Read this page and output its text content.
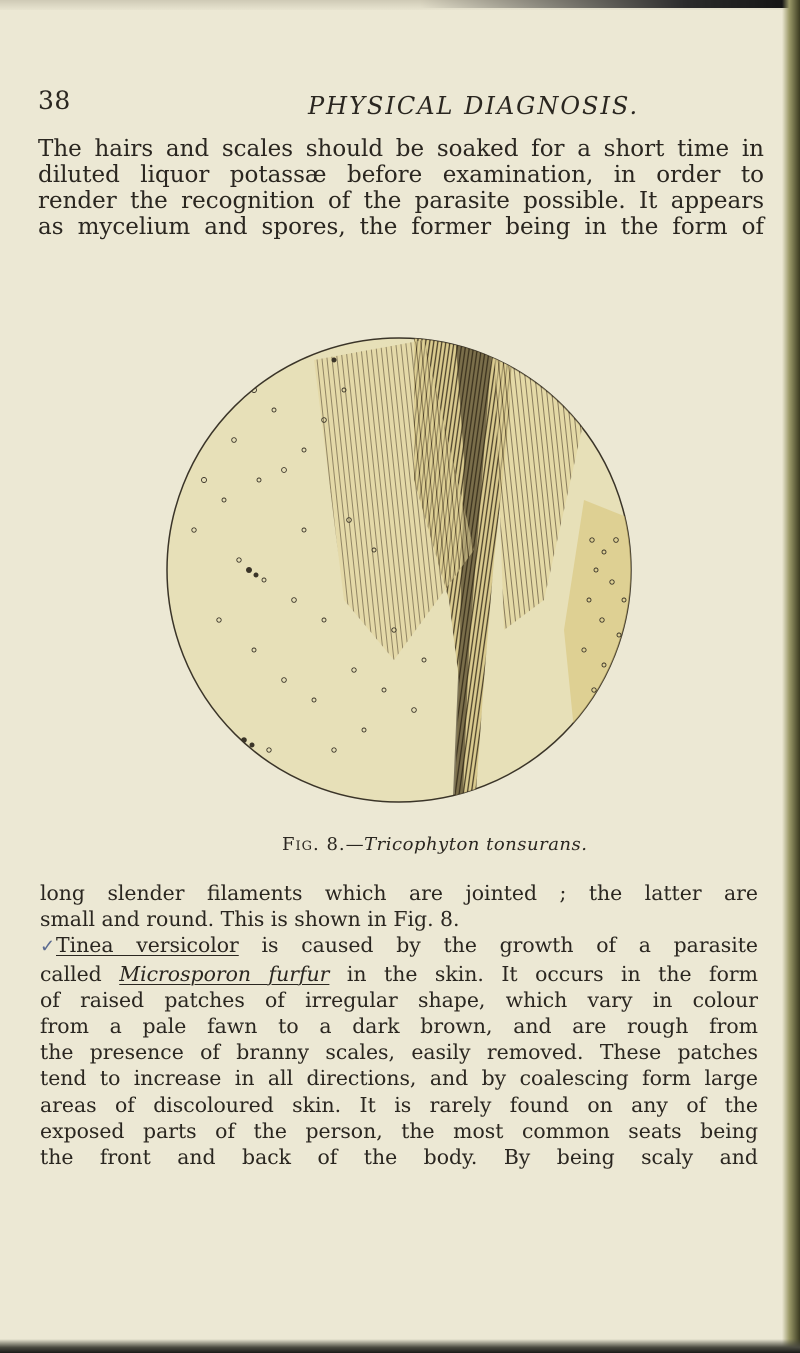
38	PHYSICAL DIAGNOSIS.

The hairs and scales should be soaked for a short time in
diluted liquor potassæ before examination, in order to
render the recognition of the parasite possible. It appears
as mycelium and spores, the former being in the form of

Fig. 8.—Tricophyton tonsurans.

long slender filaments which are jointed ; the latter are
small and round. This is shown in Fig. 8.
✓Tinea versicolor is caused by the growth of a parasite
called Microsporon furfur in the skin. It occurs in the form
of raised patches of irregular shape, which vary in colour
from a pale fawn to a dark brown, and are rough from
the presence of branny scales, easily removed. These patches
tend to increase in all directions, and by coalescing form large
areas of discoloured skin. It is rarely found on any of the
exposed parts of the person, the most common seats being
the front and back of the body. By being scaly and
